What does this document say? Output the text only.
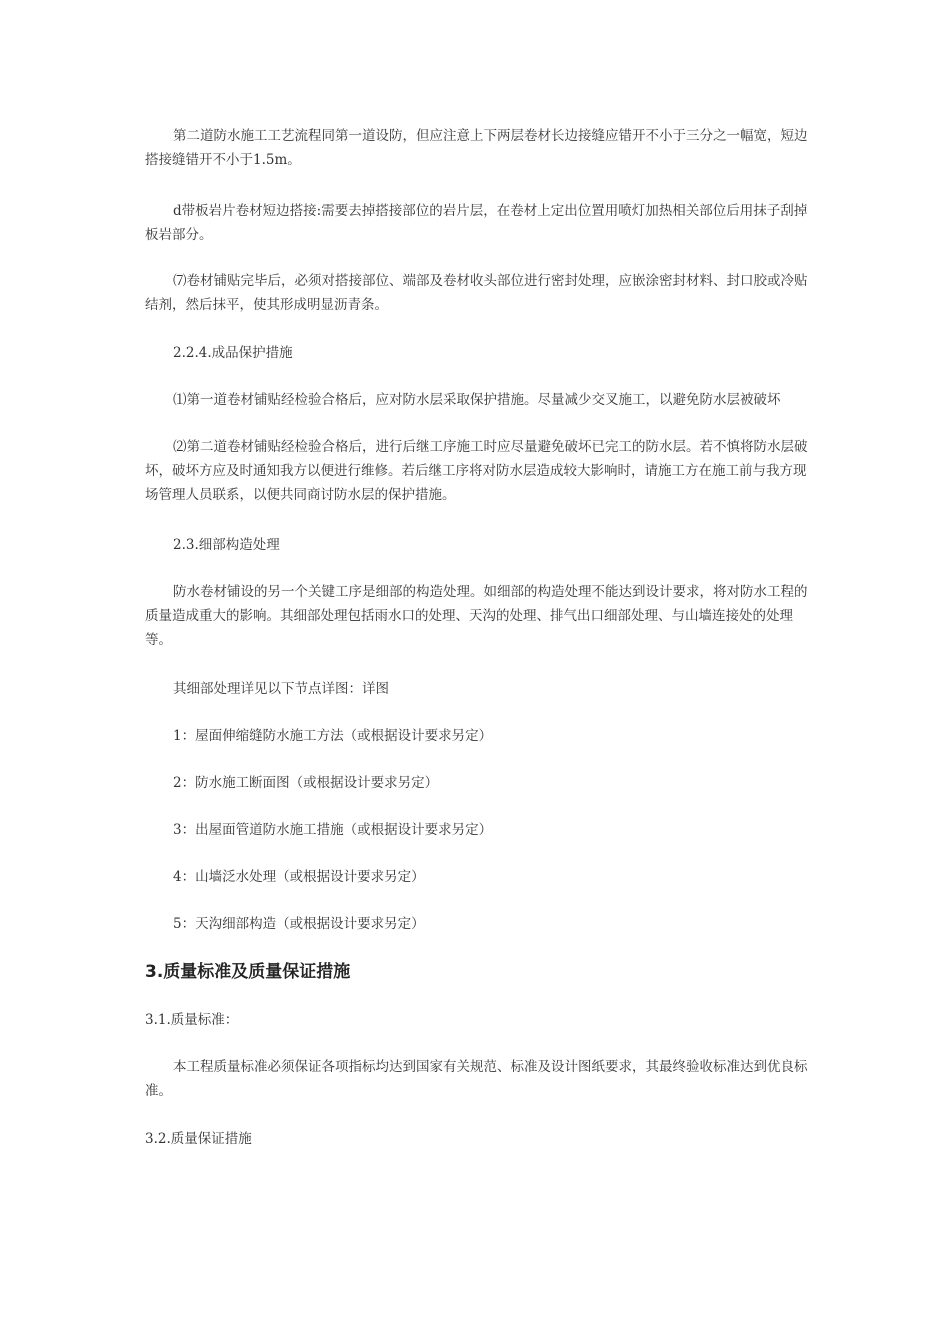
第二道防水施工工艺流程同第一道设防，但应注意上下两层卷材长边接缝应错开不小于三分之一幅宽，短边搭接缝错开不小于1.5m。

d带板岩片卷材短边搭接:需要去掉搭接部位的岩片层，在卷材上定出位置用喷灯加热相关部位后用抹子刮掉板岩部分。

⑺卷材铺贴完毕后，必须对搭接部位、端部及卷材收头部位进行密封处理，应嵌涂密封材料、封口胶或冷贴结剂，然后抹平，使其形成明显沥青条。

2.2.4.成品保护措施

⑴第一道卷材铺贴经检验合格后，应对防水层采取保护措施。尽量减少交叉施工，以避免防水层被破坏

⑵第二道卷材铺贴经检验合格后，进行后继工序施工时应尽量避免破坏已完工的防水层。若不慎将防水层破坏，破坏方应及时通知我方以便进行维修。若后继工序将对防水层造成较大影响时，请施工方在施工前与我方现场管理人员联系，以便共同商讨防水层的保护措施。

2.3.细部构造处理

防水卷材铺设的另一个关键工序是细部的构造处理。如细部的构造处理不能达到设计要求，将对防水工程的质量造成重大的影响。其细部处理包括雨水口的处理、天沟的处理、排气出口细部处理、与山墙连接处的处理等。

其细部处理详见以下节点详图：详图

1：屋面伸缩缝防水施工方法（或根据设计要求另定）

2：防水施工断面图（或根据设计要求另定）

3：出屋面管道防水施工措施（或根据设计要求另定）

4：山墙泛水处理（或根据设计要求另定）

5：天沟细部构造（或根据设计要求另定）

3.质量标准及质量保证措施

3.1.质量标准：

本工程质量标准必须保证各项指标均达到国家有关规范、标准及设计图纸要求，其最终验收标准达到优良标准。

3.2.质量保证措施
